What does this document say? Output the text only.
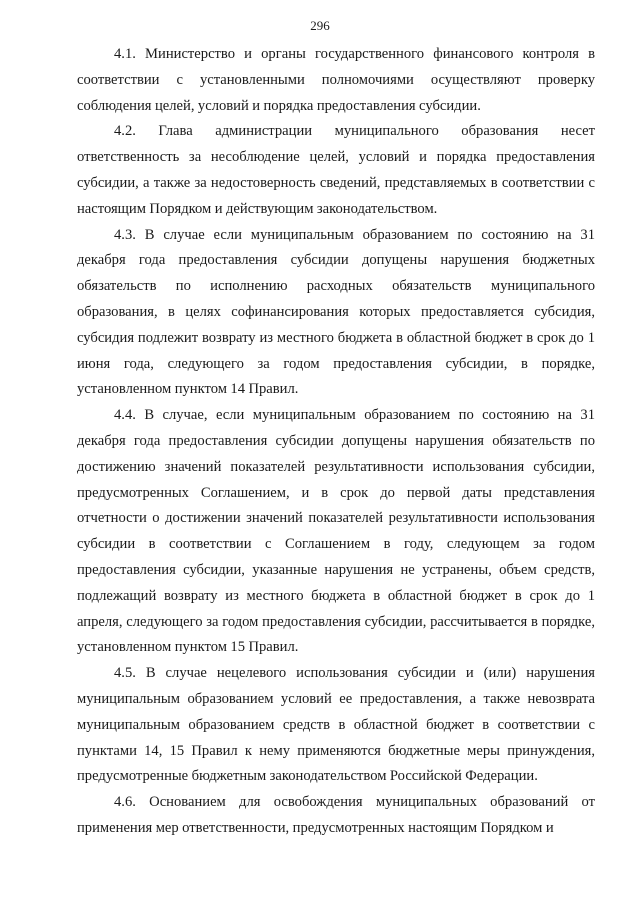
296

4.1. Министерство и органы государственного финансового контроля в соответствии с установленными полномочиями осуществляют проверку соблюдения целей, условий и порядка предоставления субсидии.

4.2. Глава администрации муниципального образования несет ответственность за несоблюдение целей, условий и порядка предоставления субсидии, а также за недостоверность сведений, представляемых в соответствии с настоящим Порядком и действующим законодательством.

4.3. В случае если муниципальным образованием по состоянию на 31 декабря года предоставления субсидии допущены нарушения бюджетных обязательств по исполнению расходных обязательств муниципального образования, в целях софинансирования которых предоставляется субсидия, субсидия подлежит возврату из местного бюджета в областной бюджет в срок до 1 июня года, следующего за годом предоставления субсидии, в порядке, установленном пунктом 14 Правил.

4.4. В случае, если муниципальным образованием по состоянию на 31 декабря года предоставления субсидии допущены нарушения обязательств по достижению значений показателей результативности использования субсидии, предусмотренных Соглашением, и в срок до первой даты представления отчетности о достижении значений показателей результативности использования субсидии в соответствии с Соглашением в году, следующем за годом предоставления субсидии, указанные нарушения не устранены, объем средств, подлежащий возврату из местного бюджета в областной бюджет в срок до 1 апреля, следующего за годом предоставления субсидии, рассчитывается в порядке, установленном пунктом 15 Правил.

4.5. В случае нецелевого использования субсидии и (или) нарушения муниципальным образованием условий ее предоставления, а также невозврата муниципальным образованием средств в областной бюджет в соответствии с пунктами 14, 15 Правил к нему применяются бюджетные меры принуждения, предусмотренные бюджетным законодательством Российской Федерации.

4.6. Основанием для освобождения муниципальных образований от применения мер ответственности, предусмотренных настоящим Порядком и
